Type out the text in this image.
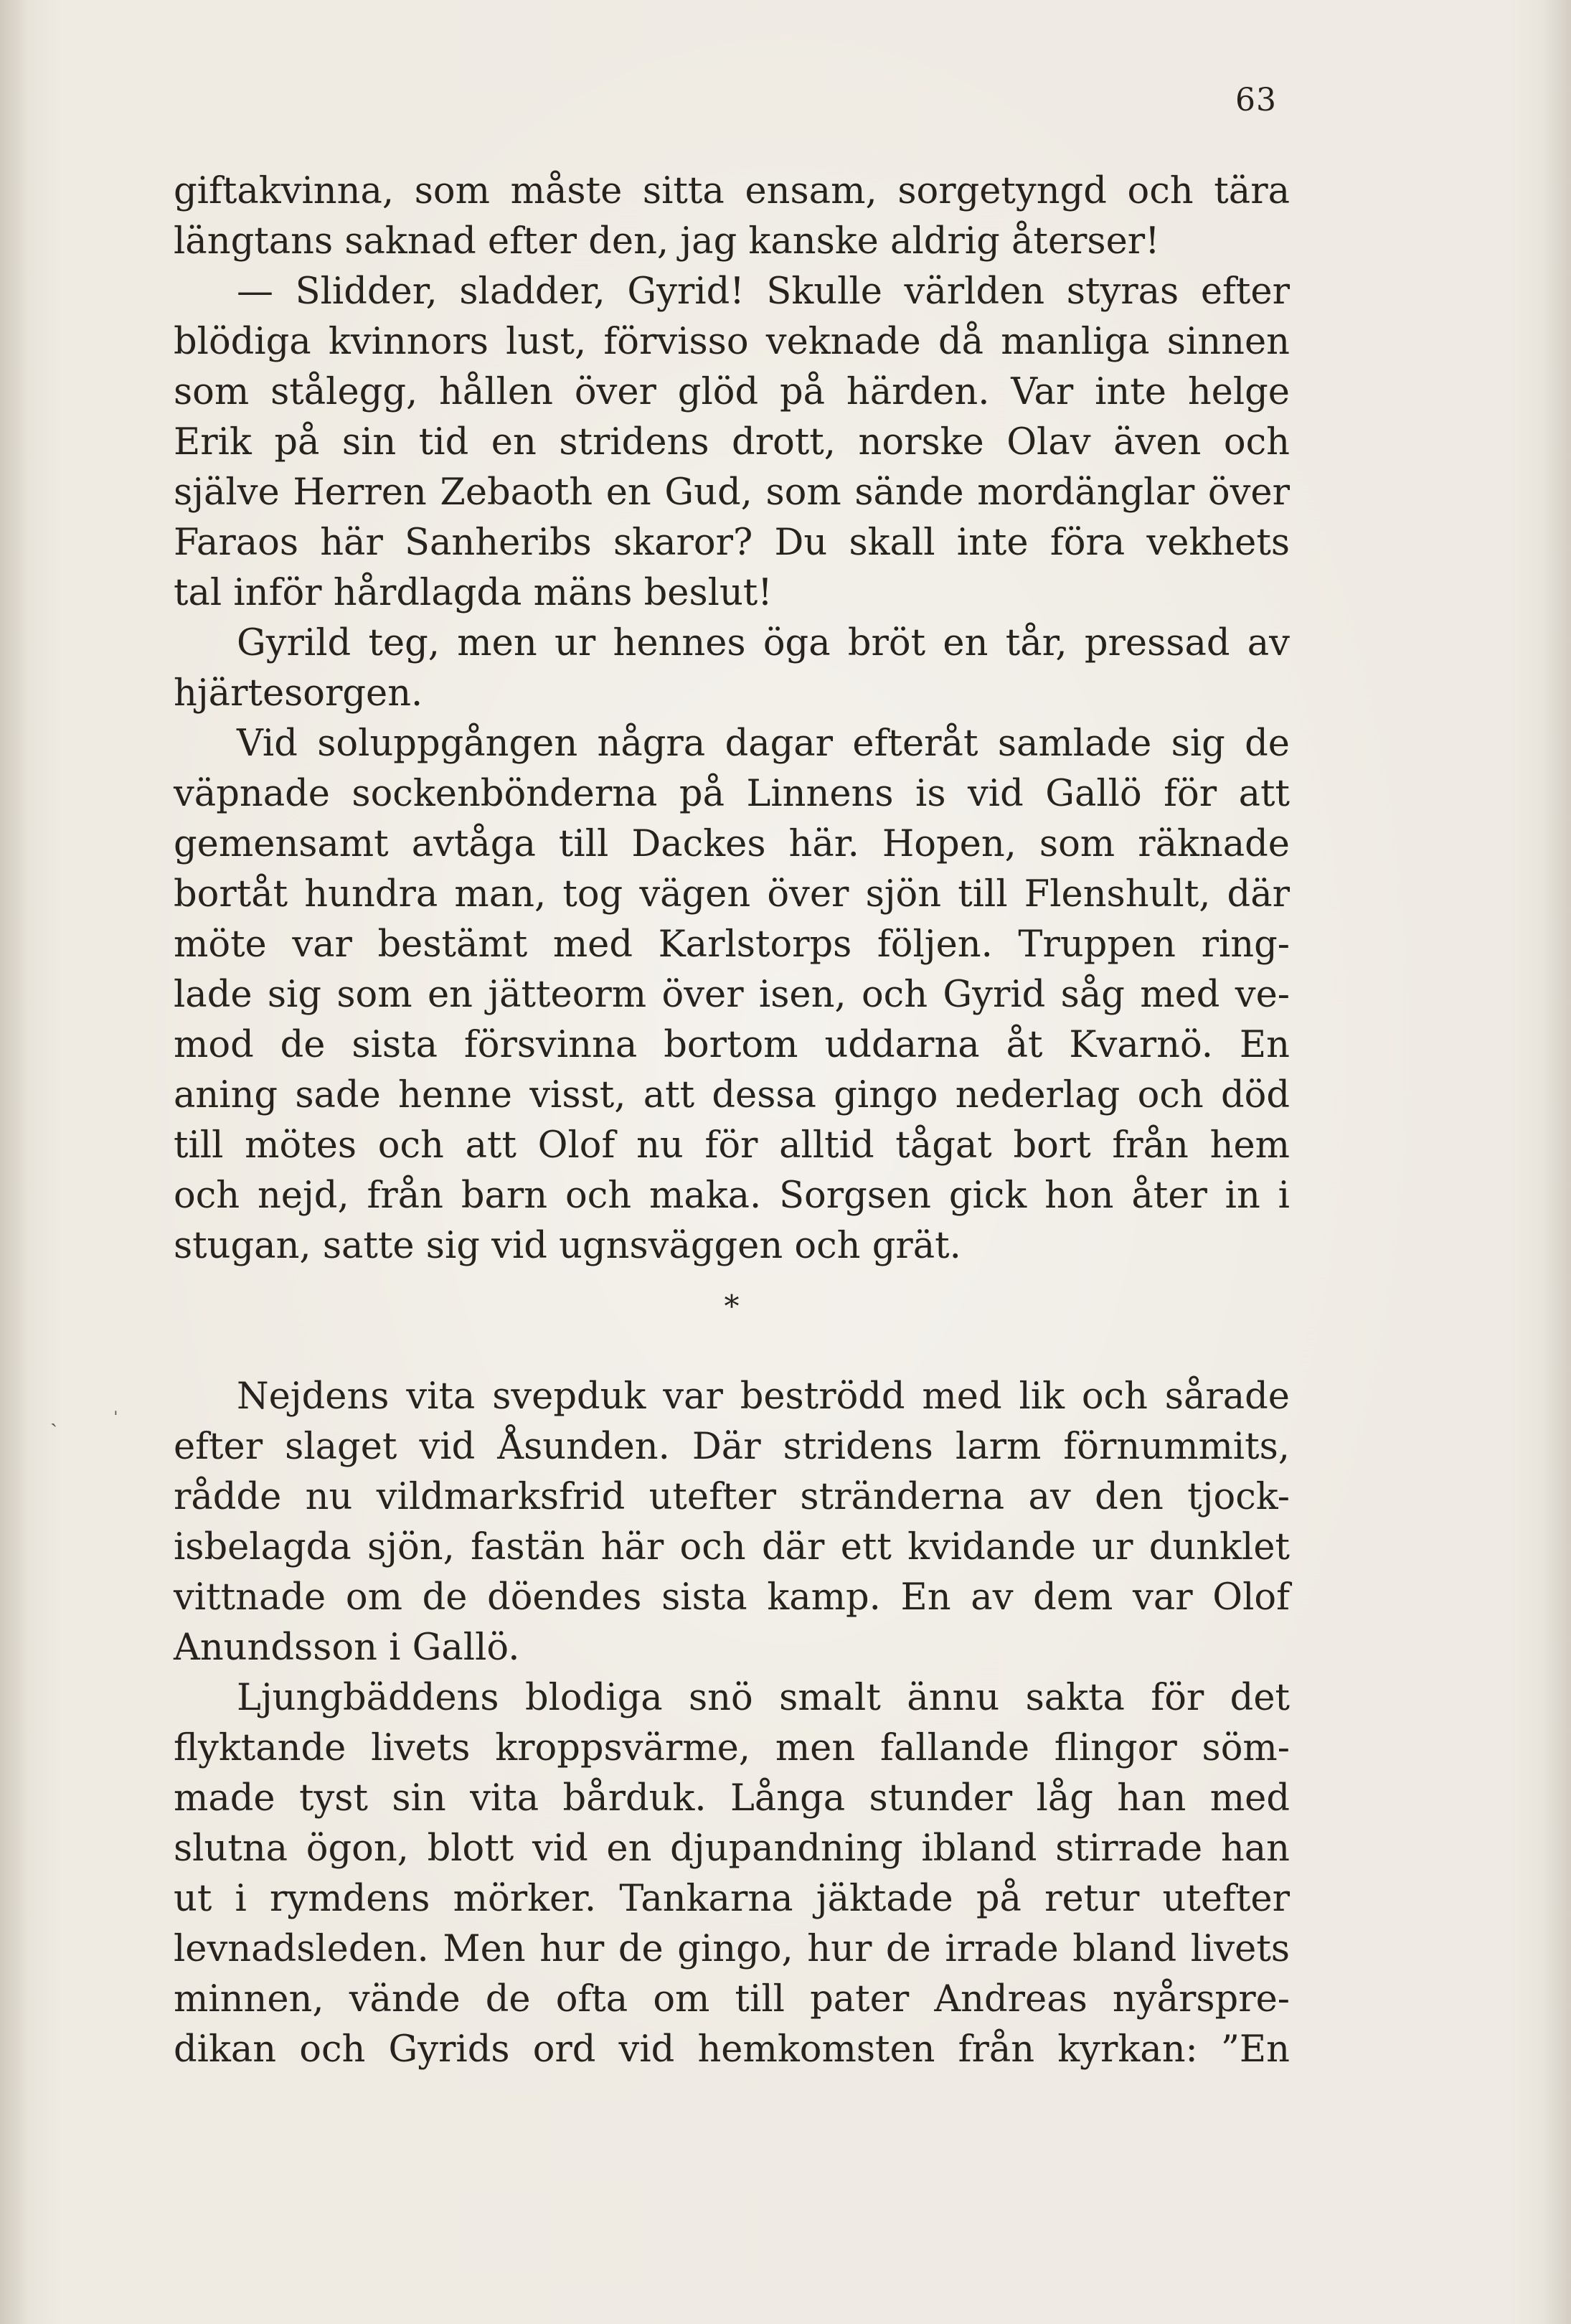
63
ˏ	ˌ
giftakvinna, som måste sitta ensam, sorgetyngd och tära
längtans saknad efter den, jag kanske aldrig återser!
— Slidder, sladder, Gyrid! Skulle världen styras efter
blödiga kvinnors lust, förvisso veknade då manliga sinnen
som stålegg, hållen över glöd på härden. Var inte helge
Erik på sin tid en stridens drott, norske Olav även och
själve Herren Zebaoth en Gud, som sände mordänglar över
Faraos här Sanheribs skaror? Du skall inte föra vekhets
tal inför hårdlagda mäns beslut!
Gyrild teg, men ur hennes öga bröt en tår, pressad av
hjärtesorgen.
Vid soluppgången några dagar efteråt samlade sig de
väpnade sockenbönderna på Linnens is vid Gallö för att
gemensamt avtåga till Dackes här. Hopen, som räknade
bortåt hundra man, tog vägen över sjön till Flenshult, där
möte var bestämt med Karlstorps följen. Truppen ring-
lade sig som en jätteorm över isen, och Gyrid såg med ve-
mod de sista försvinna bortom uddarna åt Kvarnö. En
aning sade henne visst, att dessa gingo nederlag och död
till mötes och att Olof nu för alltid tågat bort från hem
och nejd, från barn och maka. Sorgsen gick hon åter in i
stugan, satte sig vid ugnsväggen och grät.
*
Nejdens vita svepduk var beströdd med lik och sårade
efter slaget vid Åsunden. Där stridens larm förnummits,
rådde nu vildmarksfrid utefter stränderna av den tjock-
isbelagda sjön, fastän här och där ett kvidande ur dunklet
vittnade om de döendes sista kamp. En av dem var Olof
Anundsson i Gallö.
Ljungbäddens blodiga snö smalt ännu sakta för det
flyktande livets kroppsvärme, men fallande flingor söm-
made tyst sin vita bårduk. Långa stunder låg han med
slutna ögon, blott vid en djupandning ibland stirrade han
ut i rymdens mörker. Tankarna jäktade på retur utefter
levnadsleden. Men hur de gingo, hur de irrade bland livets
minnen, vände de ofta om till pater Andreas nyårspre-
dikan och Gyrids ord vid hemkomsten från kyrkan: ”En
